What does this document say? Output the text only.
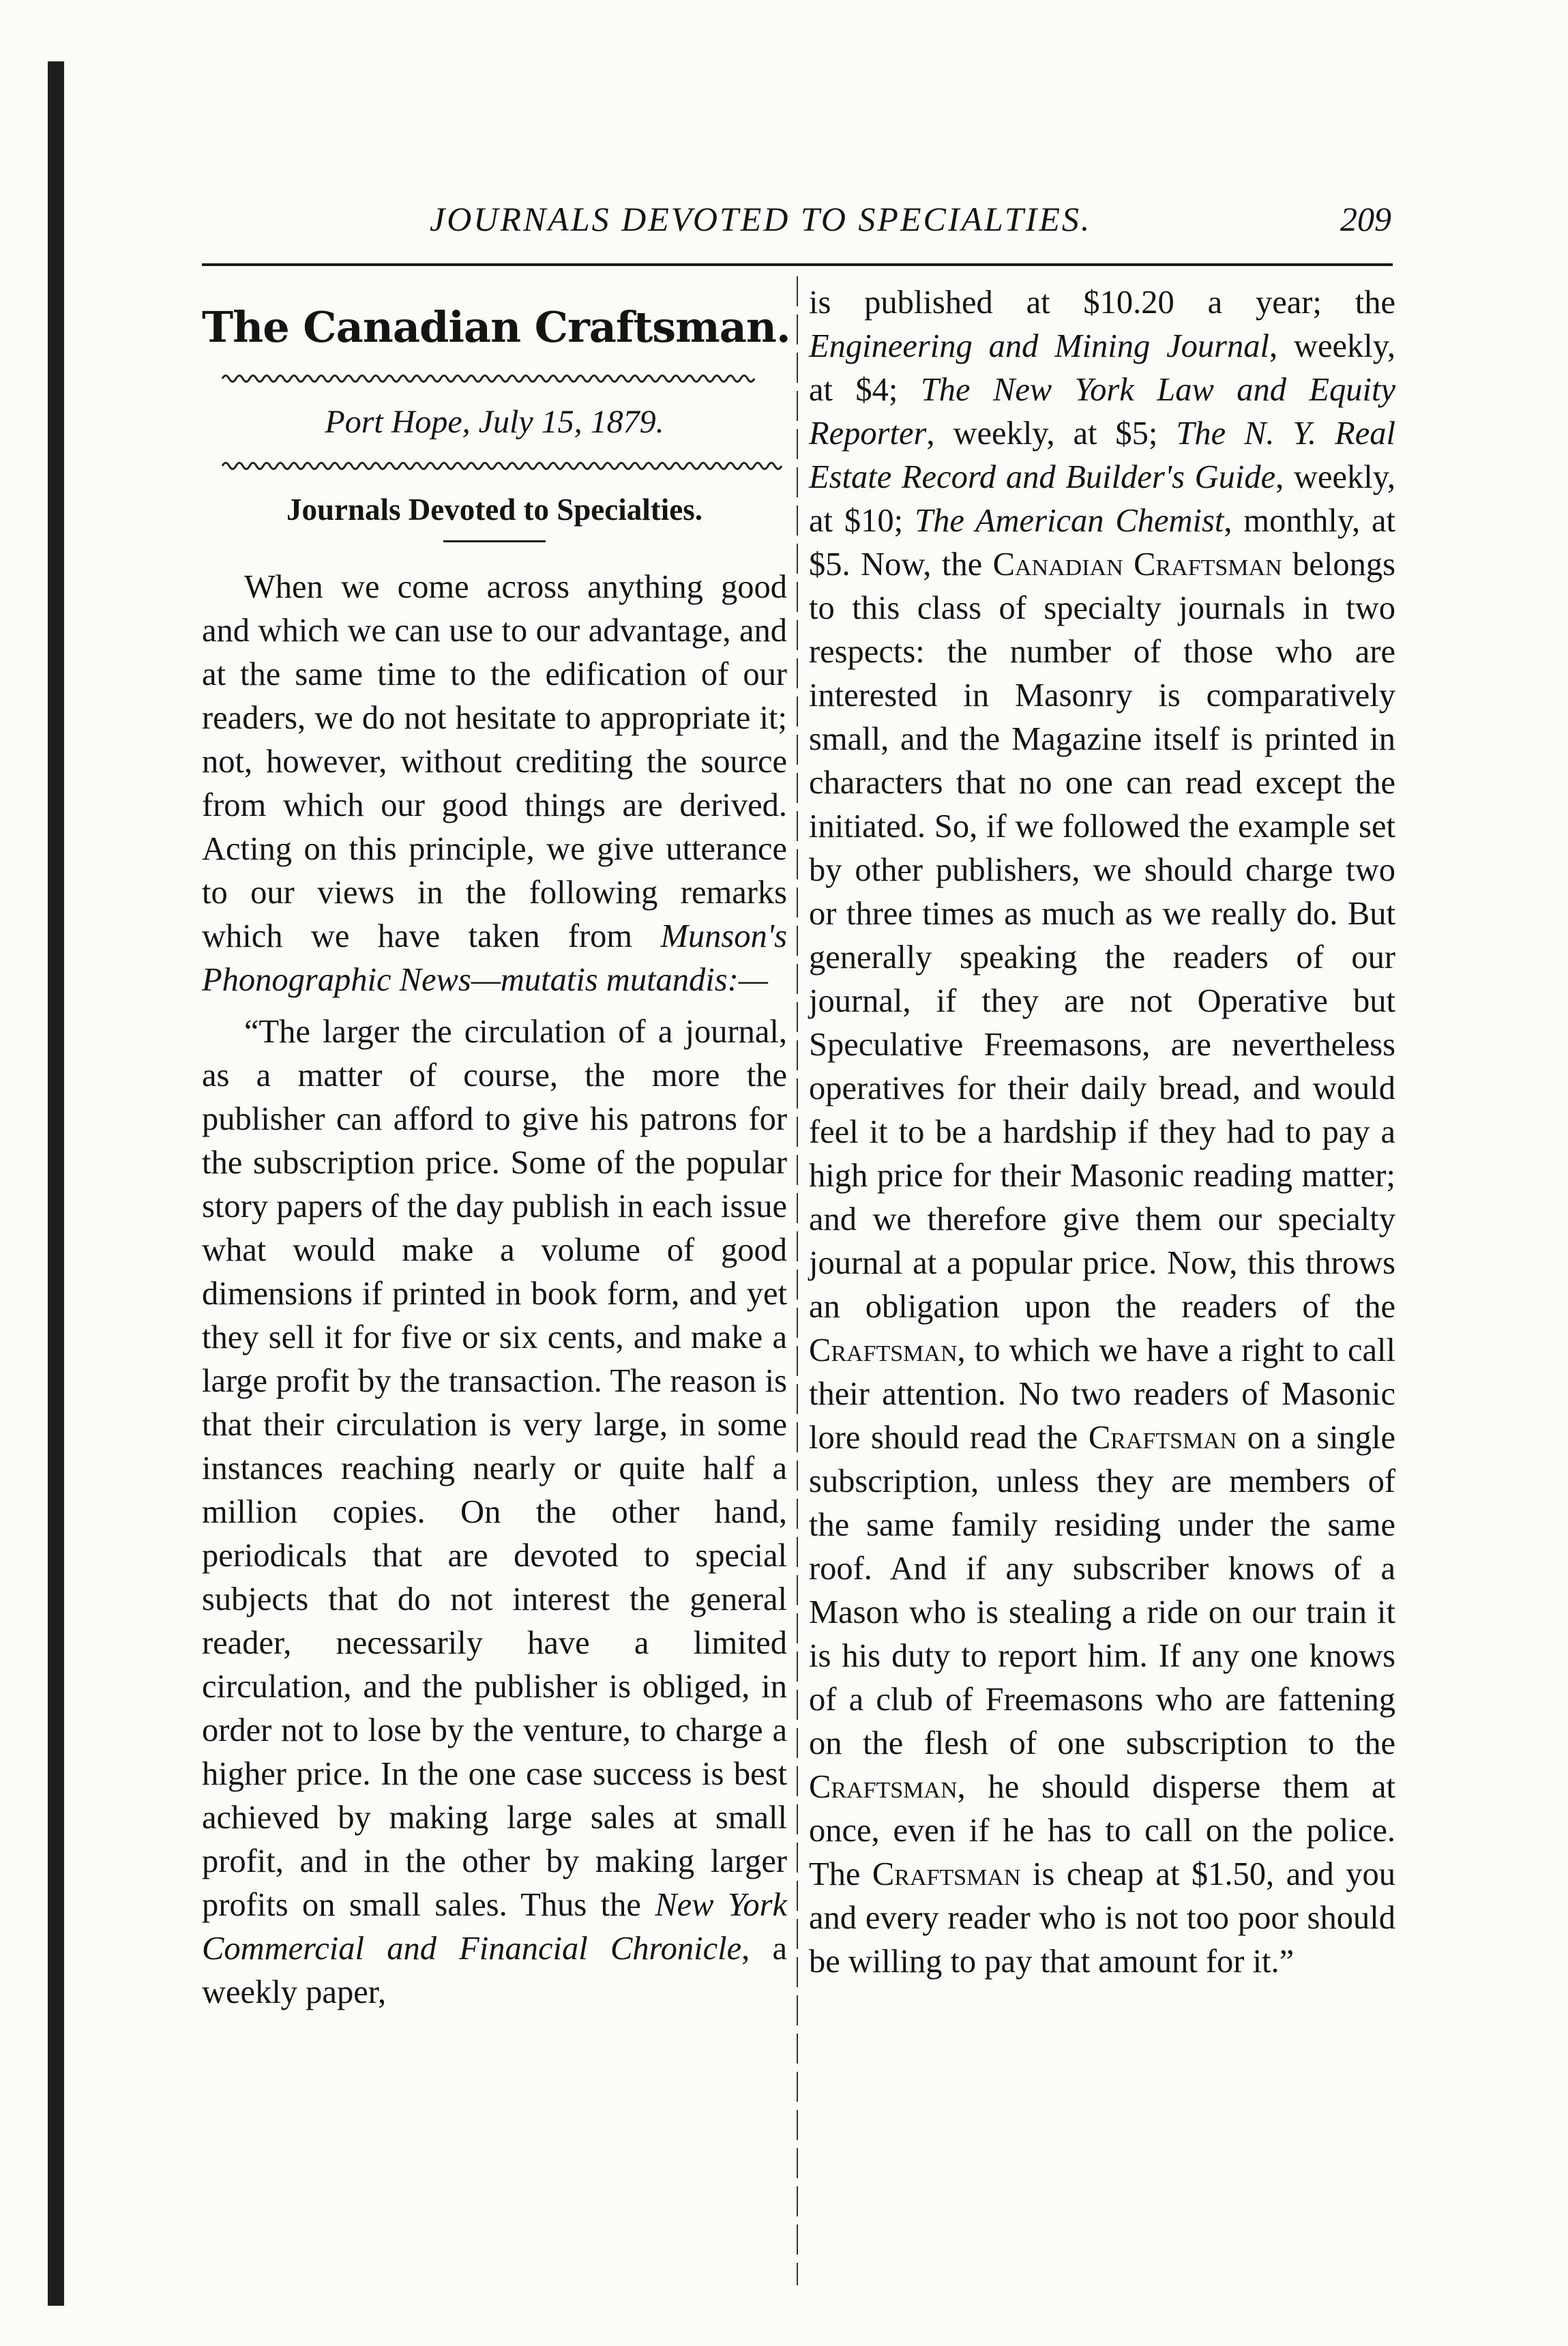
JOURNALS DEVOTED TO SPECIALTIES.	209
The Canadian Craftsman.
Port Hope, July 15, 1879.
Journals Devoted to Specialties.

When we come across anything good and which we can use to our advantage, and at the same time to the edification of our readers, we do not hesitate to appropriate it; not, however, without crediting the source from which our good things are derived. Acting on this principle, we give utterance to our views in the following remarks which we have taken from Munson's Phonographic News—mutatis mutandis:—

“The larger the circulation of a journal, as a matter of course, the more the publisher can afford to give his patrons for the subscription price. Some of the popular story papers of the day publish in each issue what would make a volume of good dimensions if printed in book form, and yet they sell it for five or six cents, and make a large profit by the transaction. The reason is that their circulation is very large, in some instances reaching nearly or quite half a million copies. On the other hand, periodicals that are devoted to special subjects that do not interest the general reader, necessarily have a limited circulation, and the publisher is obliged, in order not to lose by the venture, to charge a higher price. In the one case success is best achieved by making large sales at small profit, and in the other by making larger profits on small sales. Thus the New York Commercial and Financial Chronicle, a weekly paper,

is published at $10.20 a year; the Engineering and Mining Journal, weekly, at $4; The New York Law and Equity Reporter, weekly, at $5; The N. Y. Real Estate Record and Builder's Guide, weekly, at $10; The American Chemist, monthly, at $5. Now, the Canadian Craftsman belongs to this class of specialty journals in two respects: the number of those who are interested in Masonry is comparatively small, and the Magazine itself is printed in characters that no one can read except the initiated. So, if we followed the example set by other publishers, we should charge two or three times as much as we really do. But generally speaking the readers of our journal, if they are not Operative but Speculative Freemasons, are nevertheless operatives for their daily bread, and would feel it to be a hardship if they had to pay a high price for their Masonic reading matter; and we therefore give them our specialty journal at a popular price. Now, this throws an obligation upon the readers of the Craftsman, to which we have a right to call their attention. No two readers of Masonic lore should read the Craftsman on a single subscription, unless they are members of the same family residing under the same roof. And if any subscriber knows of a Mason who is stealing a ride on our train it is his duty to report him. If any one knows of a club of Freemasons who are fattening on the flesh of one subscription to the Craftsman, he should disperse them at once, even if he has to call on the police. The Craftsman is cheap at $1.50, and you and every reader who is not too poor should be willing to pay that amount for it.”
